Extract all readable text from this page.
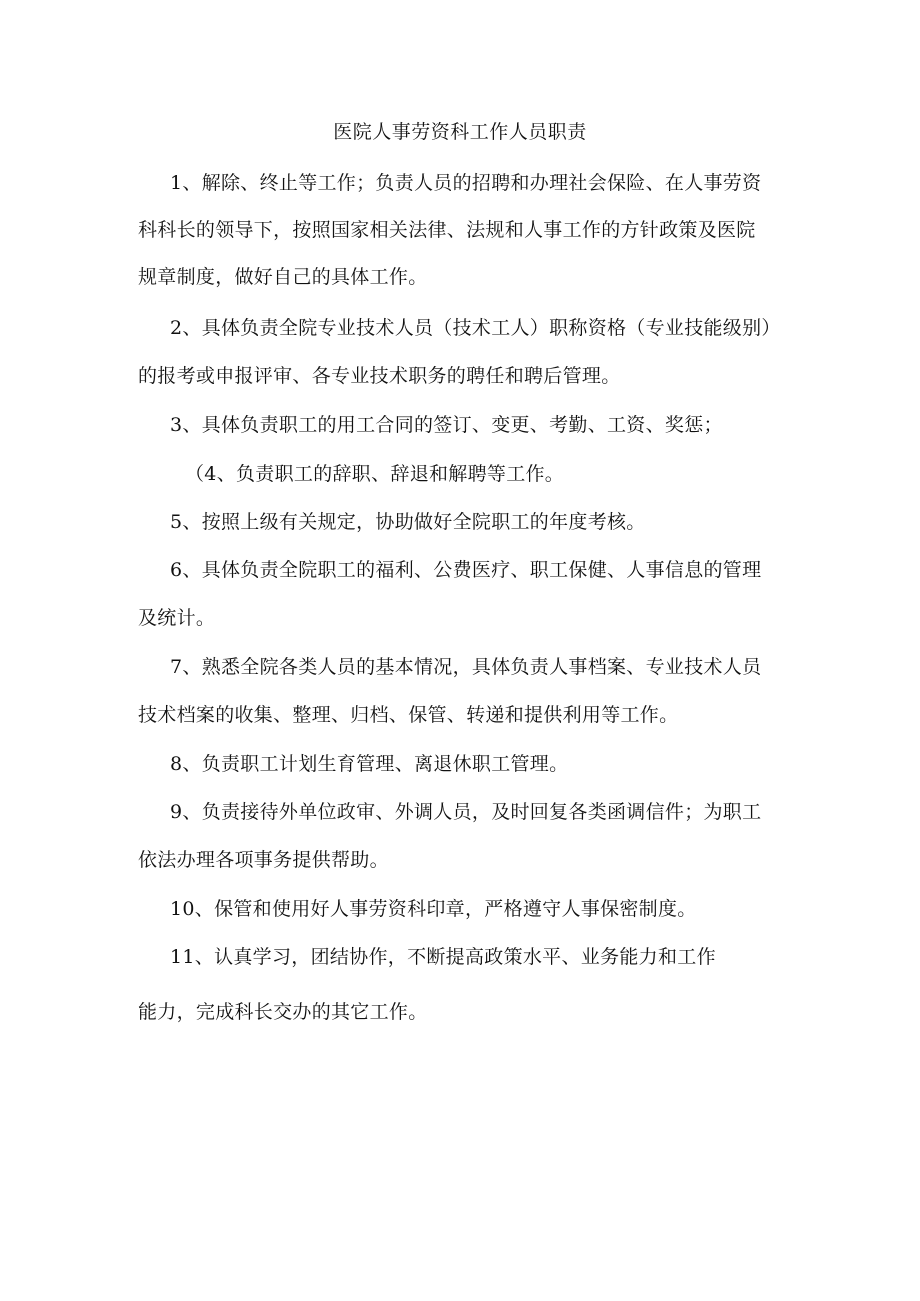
医院人事劳资科工作人员职责
1、解除、终止等工作；负责人员的招聘和办理社会保险、在人事劳资
科科长的领导下，按照国家相关法律、法规和人事工作的方针政策及医院
规章制度，做好自己的具体工作。
2、具体负责全院专业技术人员（技术工人）职称资格（专业技能级别）
的报考或申报评审、各专业技术职务的聘任和聘后管理。
3、具体负责职工的用工合同的签订、变更、考勤、工资、奖惩；
（4、负责职工的辞职、辞退和解聘等工作。
5、按照上级有关规定，协助做好全院职工的年度考核。
6、具体负责全院职工的福利、公费医疗、职工保健、人事信息的管理
及统计。
7、熟悉全院各类人员的基本情况，具体负责人事档案、专业技术人员
技术档案的收集、整理、归档、保管、转递和提供利用等工作。
8、负责职工计划生育管理、离退休职工管理。
9、负责接待外单位政审、外调人员，及时回复各类函调信件；为职工
依法办理各项事务提供帮助。
10、保管和使用好人事劳资科印章，严格遵守人事保密制度。
11、认真学习，团结协作，不断提高政策水平、业务能力和工作
能力，完成科长交办的其它工作。
